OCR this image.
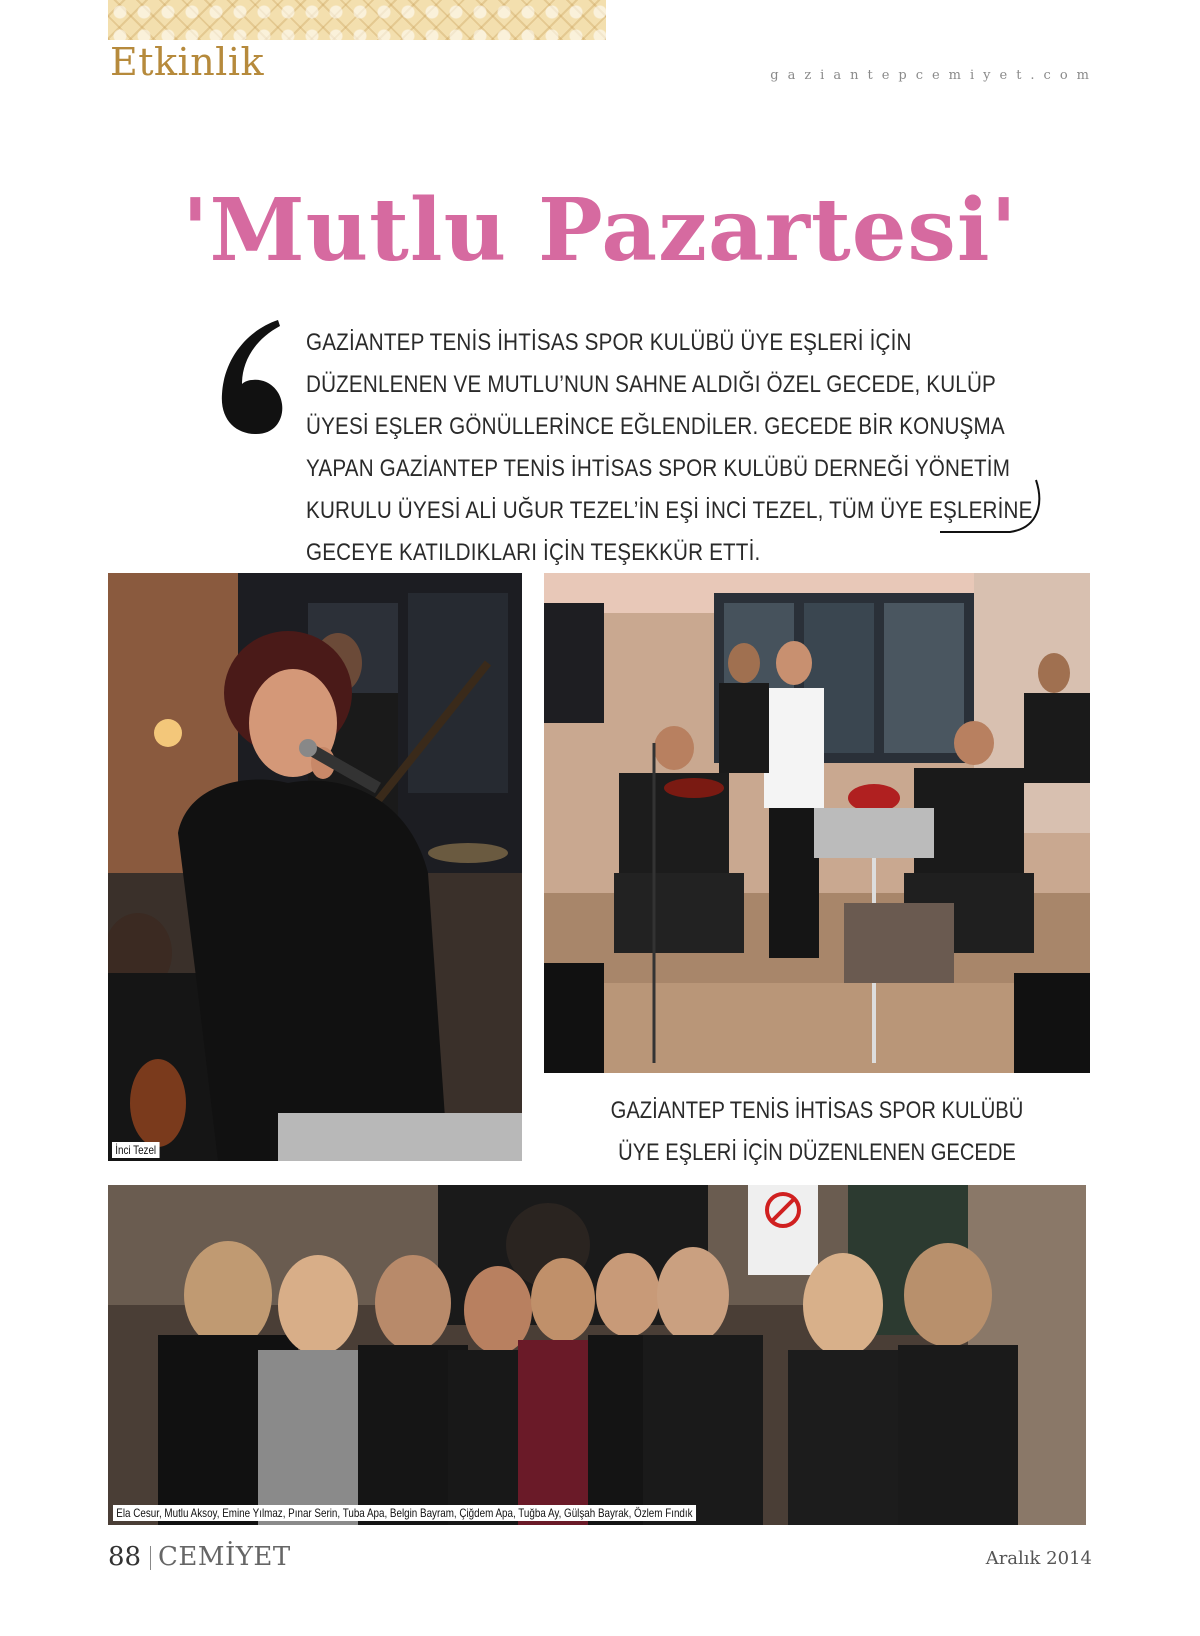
Etkinlik	gaziantepcemiyet.com
'Mutlu Pazartesi'
GAZİANTEP TENİS İHTİSAS SPOR KULÜBÜ ÜYE EŞLERİ İÇİN DÜZENLENEN VE MUTLU’NUN SAHNE ALDIĞI ÖZEL GECEDE, KULÜP ÜYESİ EŞLER GÖNÜLLERİNCE EĞLENDİLER. GECEDE BİR KONUŞMA YAPAN GAZİANTEP TENİS İHTİSAS SPOR KULÜBÜ DERNEĞİ YÖNETİM KURULU ÜYESİ ALİ UĞUR TEZEL’İN EŞİ İNCİ TEZEL, TÜM ÜYE EŞLERİNE GECEYE KATILDIKLARI İÇİN TEŞEKKÜR ETTİ.
İnci Tezel
GAZİANTEP TENİS İHTİSAS SPOR KULÜBÜ ÜYE EŞLERİ İÇİN DÜZENLENEN GECEDE
Ela Cesur, Mutlu Aksoy, Emine Yılmaz, Pınar Serin, Tuba Apa, Belgin Bayram, Çiğdem Apa, Tuğba Ay, Gülşah Bayrak, Özlem Fındık
88 CEMİYET	Aralık 2014
